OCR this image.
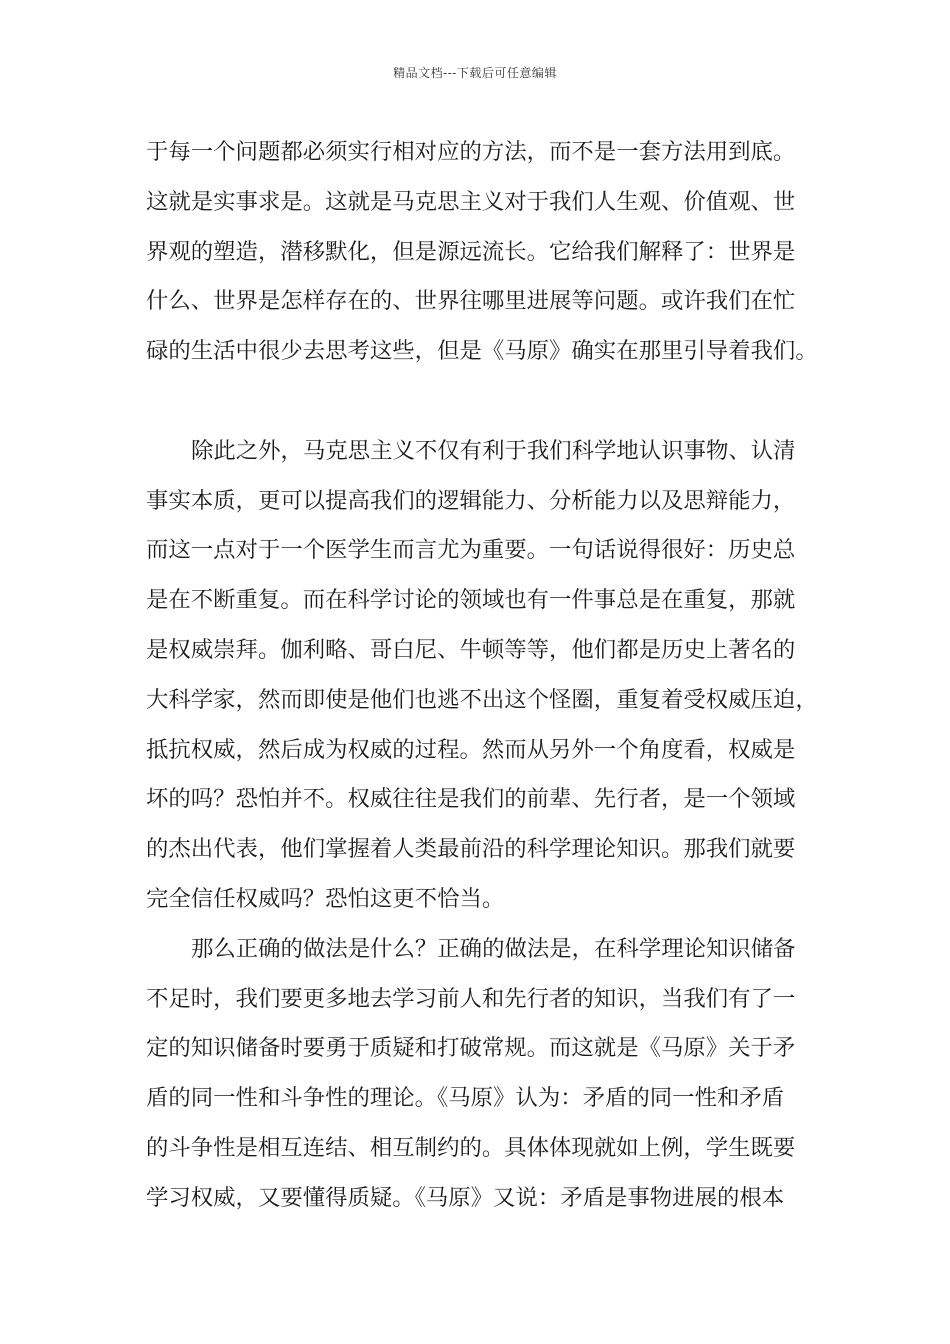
精品文档---下载后可任意编辑
于每一个问题都必须实行相对应的方法，而不是一套方法用到底。
这就是实事求是。这就是马克思主义对于我们人生观、价值观、世
界观的塑造，潜移默化，但是源远流长。它给我们解释了：世界是
什么、世界是怎样存在的、世界往哪里进展等问题。或许我们在忙
碌的生活中很少去思考这些，但是《马原》确实在那里引导着我们。
除此之外，马克思主义不仅有利于我们科学地认识事物、认清
事实本质，更可以提高我们的逻辑能力、分析能力以及思辩能力，
而这一点对于一个医学生而言尤为重要。一句话说得很好：历史总
是在不断重复。而在科学讨论的领域也有一件事总是在重复，那就
是权威崇拜。伽利略、哥白尼、牛顿等等，他们都是历史上著名的
大科学家，然而即使是他们也逃不出这个怪圈，重复着受权威压迫，
抵抗权威，然后成为权威的过程。然而从另外一个角度看，权威是
坏的吗？恐怕并不。权威往往是我们的前辈、先行者，是一个领域
的杰出代表，他们掌握着人类最前沿的科学理论知识。那我们就要
完全信任权威吗？恐怕这更不恰当。
那么正确的做法是什么？正确的做法是，在科学理论知识储备
不足时，我们要更多地去学习前人和先行者的知识，当我们有了一
定的知识储备时要勇于质疑和打破常规。而这就是《马原》关于矛
盾的同一性和斗争性的理论。《马原》认为：矛盾的同一性和矛盾
的斗争性是相互连结、相互制约的。具体体现就如上例，学生既要
学习权威，又要懂得质疑。《马原》又说：矛盾是事物进展的根本
